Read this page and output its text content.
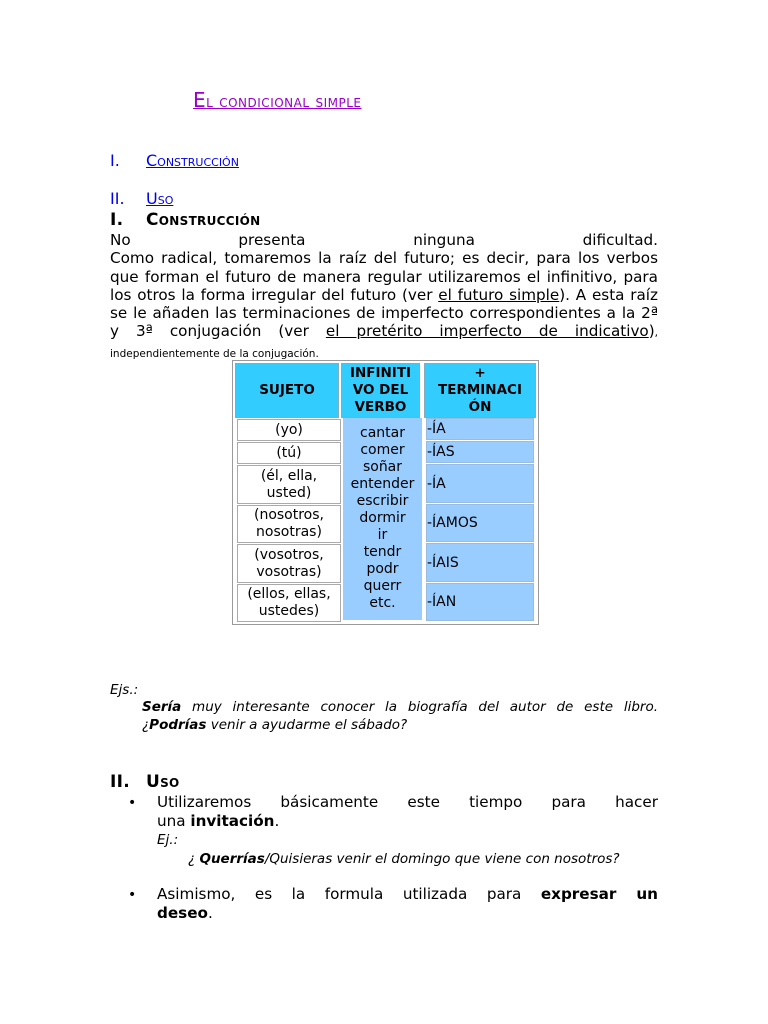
El condicional simple

I. Construcción

II. Uso

I. Construcción
No presenta ninguna dificultad.
Como radical, tomaremos la raíz del futuro; es decir, para los verbos que forman el futuro de manera regular utilizaremos el infinitivo, para los otros la forma irregular del futuro (ver el futuro simple). A esta raíz se le añaden las terminaciones de imperfecto correspondientes a la 2ª y 3ª conjugación (ver el pretérito imperfecto de indicativo), independientemente de la conjugación.
SUJETO
INFINITI
VO DEL
VERBO
+
TERMINACI
ÓN
(yo)
(tú)
(él, ella,
usted)
(nosotros,
nosotras)
(vosotros,
vosotras)
(ellos, ellas,
ustedes)
cantar
comer
soñar
entender
escribir
dormir
ir
tendr
podr
querr
etc.
-ÍA
-ÍAS
-ÍA
-ÍAMOS
-ÍAIS
-ÍAN

Ejs.:

Sería muy interesante conocer la biografía del autor de este libro.

¿Podrías venir a ayudarme el sábado?

II. Uso
• Utilizaremos básicamente este tiempo para hacer
una invitación.

Ej.:

¿ Querrías/Quisieras venir el domingo que viene con nosotros?

• Asimismo, es la formula utilizada para expresar un
deseo.
